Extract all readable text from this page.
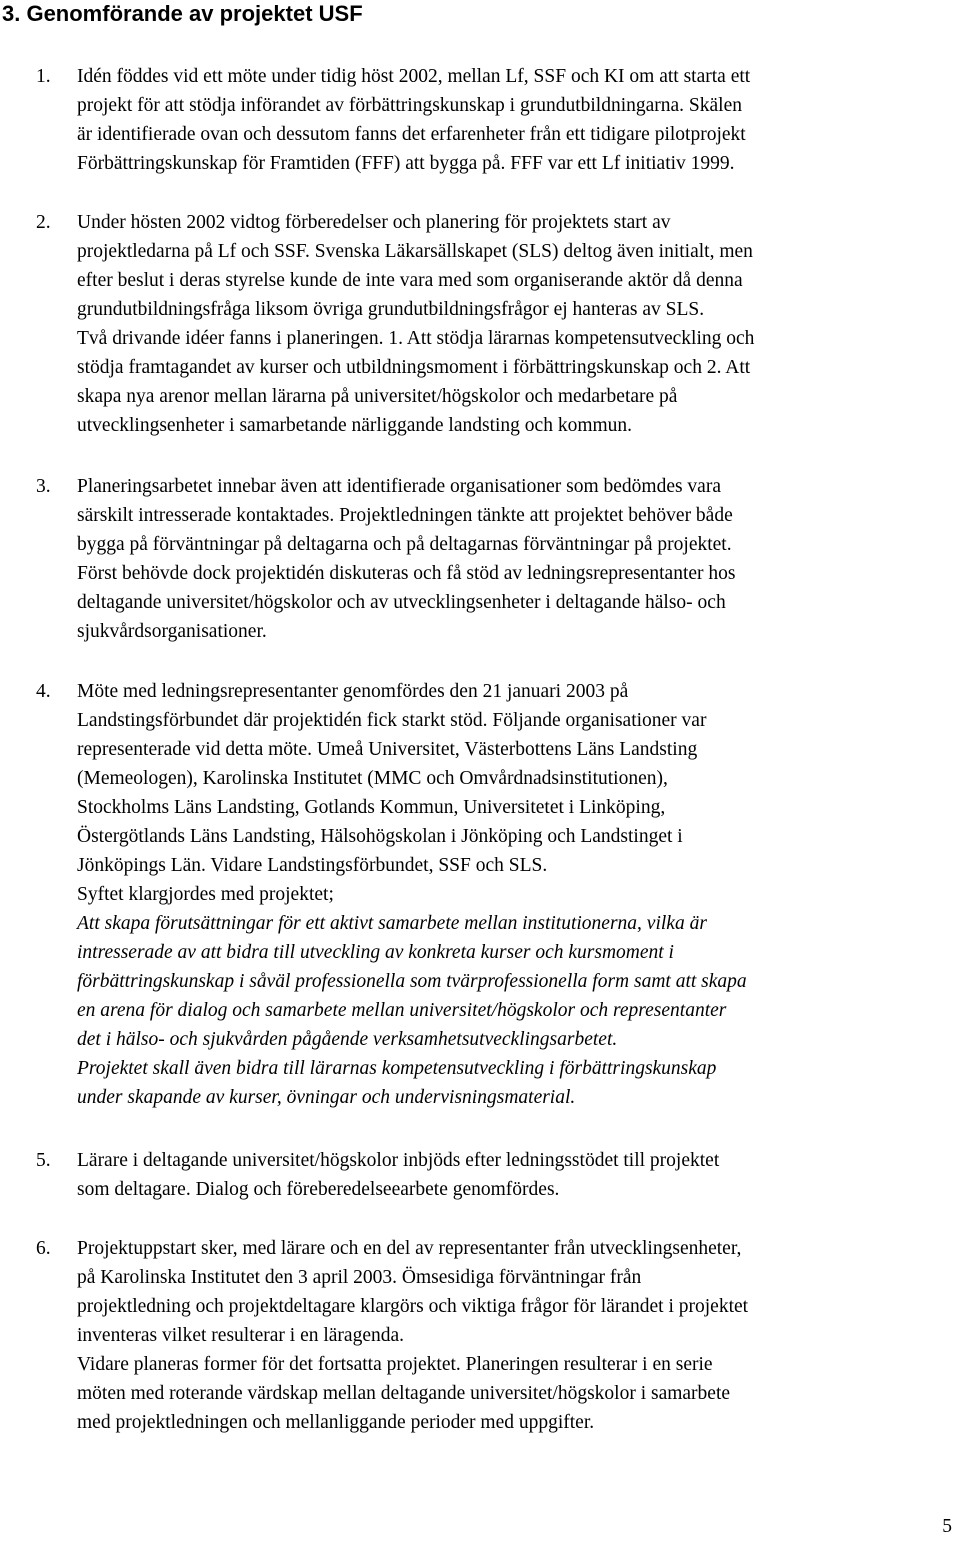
3. Genomförande av projektet USF
1. Idén föddes vid ett möte under tidig höst 2002, mellan Lf, SSF och KI om att starta ett
projekt för att stödja införandet av förbättringskunskap i grundutbildningarna. Skälen
är identifierade ovan och dessutom fanns det erfarenheter från ett tidigare pilotprojekt
Förbättringskunskap för Framtiden (FFF) att bygga på. FFF var ett Lf initiativ 1999.
2. Under hösten 2002 vidtog förberedelser och planering för projektets start av
projektledarna på Lf och SSF. Svenska Läkarsällskapet (SLS) deltog även initialt, men
efter beslut i deras styrelse kunde de inte vara med som organiserande aktör då denna
grundutbildningsfråga liksom övriga grundutbildningsfrågor ej hanteras av SLS.
Två drivande idéer fanns i planeringen. 1. Att stödja lärarnas kompetensutveckling och
stödja framtagandet av kurser och utbildningsmoment i förbättringskunskap och 2. Att
skapa nya arenor mellan lärarna på universitet/högskolor och medarbetare på
utvecklingsenheter i samarbetande närliggande landsting och kommun.
3. Planeringsarbetet innebar även att identifierade organisationer som bedömdes vara
särskilt intresserade kontaktades. Projektledningen tänkte att projektet behöver både
bygga på förväntningar på deltagarna och på deltagarnas förväntningar på projektet.
Först behövde dock projektidén diskuteras och få stöd av ledningsrepresentanter hos
deltagande universitet/högskolor och av utvecklingsenheter i deltagande hälso- och
sjukvårdsorganisationer.
4. Möte med ledningsrepresentanter genomfördes den 21 januari 2003 på
Landstingsförbundet där projektidén fick starkt stöd. Följande organisationer var
representerade vid detta möte. Umeå Universitet, Västerbottens Läns Landsting
(Memeologen), Karolinska Institutet (MMC och Omvårdnadsinstitutionen),
Stockholms Läns Landsting, Gotlands Kommun, Universitetet i Linköping,
Östergötlands Läns Landsting, Hälsohögskolan i Jönköping och Landstinget i
Jönköpings Län. Vidare Landstingsförbundet, SSF och SLS.
Syftet klargjordes med projektet;
Att skapa förutsättningar för ett aktivt samarbete mellan institutionerna, vilka är
intresserade av att bidra till utveckling av konkreta kurser och kursmoment i
förbättringskunskap i såväl professionella som tvärprofessionella form samt att skapa
en arena för dialog och samarbete mellan universitet/högskolor och representanter
det i hälso- och sjukvården pågående verksamhetsutvecklingsarbetet.
Projektet skall även bidra till lärarnas kompetensutveckling i förbättringskunskap
under skapande av kurser, övningar och undervisningsmaterial.
5. Lärare i deltagande universitet/högskolor inbjöds efter ledningsstödet till projektet
som deltagare. Dialog och föreberedelseearbete genomfördes.
6. Projektuppstart sker, med lärare och en del av representanter från utvecklingsenheter,
på Karolinska Institutet den 3 april 2003. Ömsesidiga förväntningar från
projektledning och projektdeltagare klargörs och viktiga frågor för lärandet i projektet
inventeras vilket resulterar i en läragenda.
Vidare planeras former för det fortsatta projektet. Planeringen resulterar i en serie
möten med roterande värdskap mellan deltagande universitet/högskolor i samarbete
med projektledningen och mellanliggande perioder med uppgifter.
5
